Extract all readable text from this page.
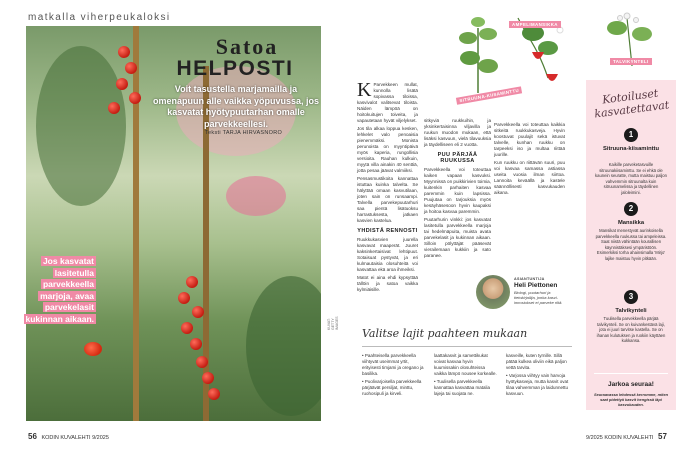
matkalla viherpeukaloksi
Satoa
HELPOSTI
Voit tasustella marjamailla ja omenapuun alle vaikka yöpuvussa, jos kasvatat hyötypuutarhan omalle parvekkeellesi.
Teksti TARJA HIRVASNORO
Jos kasvatat lasitetulla parvekkeella marjoja, avaa parvekelasit kukinnan aikaan.	KUVAT: GETTY IMAGES
56 KODIN KUVALEHTI 9/2025
SITRUUNA-KIISAMINTTU
AMPELIMANSIKKA
TALVIKYNTELI

K Parvekkeen mullat, kunnolla lisätä sopivassa tiloissa, kasvivalot valitsevat tiloista. Näiden lämpöä on hoitokuitujen toiveita, ja vapautetaan hyvät viljelykset.

Jos tila alkaa loppua kesken, lehkelet valo penoaisia pienemmäksi. Monista perunoista on myyntipäivä myös kaperia, rungollisia versioita. Rauhan kulkuin, myytä villa ainakin 40 senttiä, jotta pesaa jäävat valmiiksi.

Pensasmustikoita kannattaa istuttaa kuinka talvelta. Se hälyttää omaan kasvutilaan, joten sain on runsaampi. Talvella parvekepuutarhuri saa pientä lisätuoksu harrastuksesta, jatkaen kasvien kastelua.

YHDISTÄ RENNOSTI

Ruukkukasvien juurella kasvavat maaperät. Juuret kaksinkertaisivat lehtipuut. Sotaisuat pystyvät, ja eri kulmautaisia olosuhteitä voi kasvattaa ekä aroa ihmeiksi.

Matot ei aina ehdi kypsyttää tällöin ja satoa vaikka kylmiäisille.

sitkyviä ruukkuihin, ja yksinkertaisinna viljavilla ja ruukun muodon mukaan, että lisäksi kasvuun, vielä tilavuuksia ja täydelliseen eli 2 vuotta.

PUU PÄRJÄÄ RUUKUSSA

Parvekkeella voi toteuttaa kaiken vapaan kasvuksi. Myynnissä on puikkirivien toimia, kuitenkin parhaiten kasvaa paremmin kuin lapsissa. Puujutaa on tarjouksia myös kesäyhäsesoon hyvin kaupaksi ja hoitoa kasvaa paremmin.

Puutarhurin vinkki: jos kasvatat lasitetulla parvekkeella marjoja tai hedelmäpuita, muista avata parvekelasit ja kukinnan aikaan. Silloin pölyttäjät pääsevät vierailemaan kukkiin ja sato paranee.

Parvekkeella voi toteuttaa kaikkia sitkeitä ruukkukasveja. Hyvin koostuvat puulajit sekä istuvat talvelle, kunhan ruukku on tarpeeksi iso ja multaa riittää juurille.

Kun ruukku on riittävän suuri, puu voi kasvaa samassa astiassa useita vuosia ilman siirtoa. Lannoita keväällä ja kastele säännöllisesti kasvukauden aikana.

ASIANTUNTIJA
Heli Piettonen
Biologi, puutarhuri ja tietokirjailija, jonka kasvi-innostukset ei parveke riitä.
Kotoiluset kasvatettavat
1
Sitruuna-kiisaminttu
Kaikille parveketasvuille sitruunakiisaminttu. Se ei ehkä ole kaunein seuratte, mutta maistuu paljon vahvemmin sitruunalta kuin sitruunamelissa ja täydellinen jaloleimini.
2
Mansikka
Mansikat menestyvät aurinkoisella parvekkeella ruukussa tai ampeleissa. Saat niistä vähintään kourallisen käynnistäksesi ympäristöön. Esimerkiksi torha ahainsimalla 'Mirjo' lajike maistuu hyvin pitkään.
3
Talvikynteli
Tuulisella parvekkeella pärjää talvikynteli. Se on kuivankestävä laji, jota ei juuri tarvitse kastella. Se on ihanan kulutuksen ja ruokiin käyttäen kukkansa.
Jarkoa seuraa!
Seuraavassa lehdessä kerromme, miten saat pidettyä kasvit hengissä läpi kasvukauden.
Valitse lajit paahteen mukaan

• Paahteisella parvekkeella viihtyvät useimmat yrtit, erityisesti timjami ja oregano ja basilika.

• Puolivarjoisella parvekkeella pärjäävät persiljat, minttu, ruohosipuli ja kirveli.

laattakasvit ja samettikukat voivat kasvaa hyvin kuumissakin olosuhteissa vaikka lämpö nousee korkealle.

• Tuulisella parvekkeella kannattaa kasvattaa matalia lajeja tai suojata ne.

kasveille, kuten tyrnille. Sillä pätää kulkea oliviin eikä paljon vettä tarvita.

• Varjossa viihtyy vain harvoja hyötykasveja, mutta kasvit ovat tilaa vahvemman ja laidunnettu kasvuun.

9/2025 KODIN KUVALEHTI 57
